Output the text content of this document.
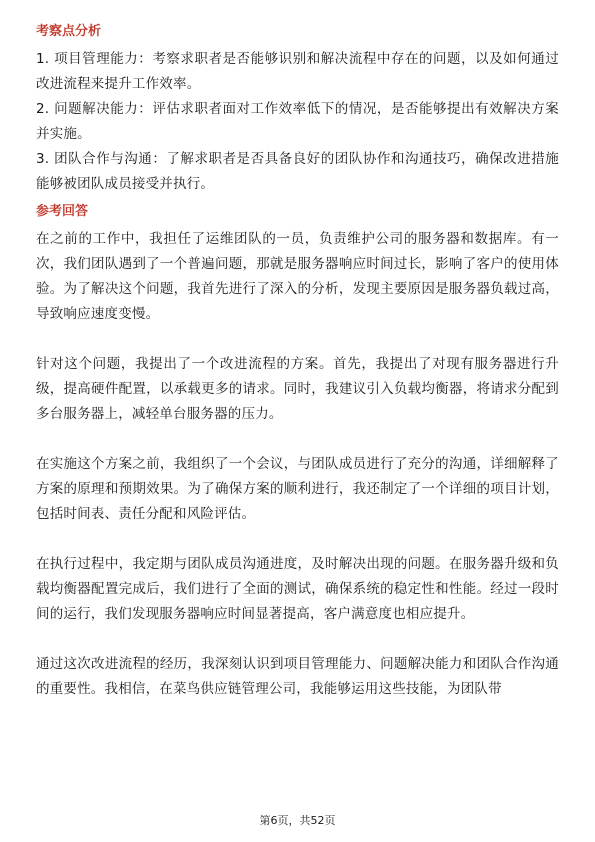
考察点分析

1. 项目管理能力：考察求职者是否能够识别和解决流程中存在的问题，以及如何通过改进流程来提升工作效率。

2. 问题解决能力：评估求职者面对工作效率低下的情况，是否能够提出有效解决方案并实施。

3. 团队合作与沟通：了解求职者是否具备良好的团队协作和沟通技巧，确保改进措施能够被团队成员接受并执行。

参考回答

在之前的工作中，我担任了运维团队的一员，负责维护公司的服务器和数据库。有一次，我们团队遇到了一个普遍问题，那就是服务器响应时间过长，影响了客户的使用体验。为了解决这个问题，我首先进行了深入的分析，发现主要原因是服务器负载过高，导致响应速度变慢。

针对这个问题，我提出了一个改进流程的方案。首先，我提出了对现有服务器进行升级，提高硬件配置，以承载更多的请求。同时，我建议引入负载均衡器，将请求分配到多台服务器上，减轻单台服务器的压力。

在实施这个方案之前，我组织了一个会议，与团队成员进行了充分的沟通，详细解释了方案的原理和预期效果。为了确保方案的顺利进行，我还制定了一个详细的项目计划，包括时间表、责任分配和风险评估。

在执行过程中，我定期与团队成员沟通进度，及时解决出现的问题。在服务器升级和负载均衡器配置完成后，我们进行了全面的测试，确保系统的稳定性和性能。经过一段时间的运行，我们发现服务器响应时间显著提高，客户满意度也相应提升。

通过这次改进流程的经历，我深刻认识到项目管理能力、问题解决能力和团队合作沟通的重要性。我相信，在菜鸟供应链管理公司，我能够运用这些技能，为团队带

第6页，共52页
